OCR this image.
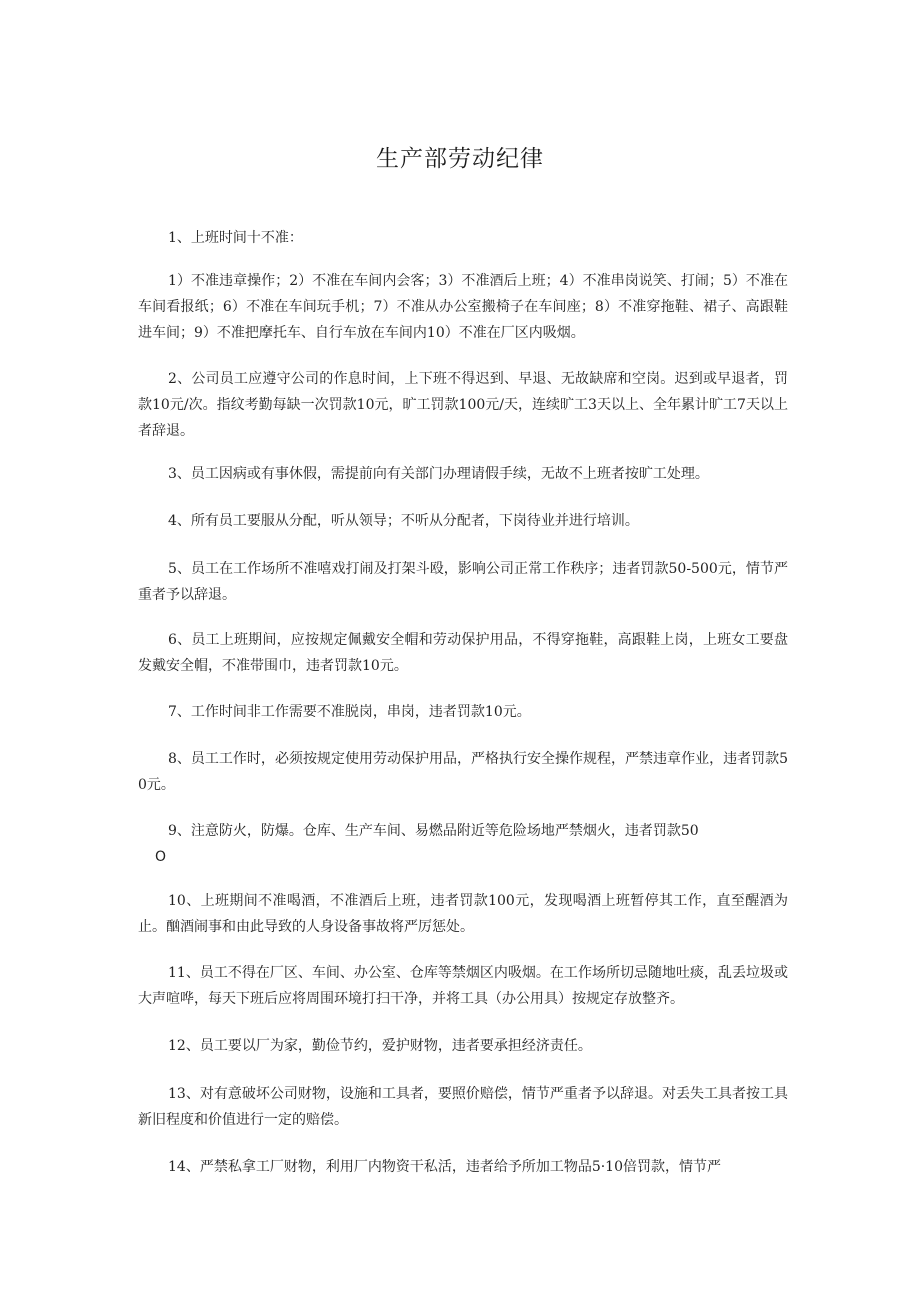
生产部劳动纪律
1、上班时间十不准：
1）不准违章操作；2）不准在车间内会客；3）不准酒后上班；4）不准串岗说笑、打闹；5）不准在车间看报纸；6）不准在车间玩手机；7）不准从办公室搬椅子在车间座；8）不准穿拖鞋、裙子、高跟鞋进车间；9）不准把摩托车、自行车放在车间内10）不准在厂区内吸烟。
2、公司员工应遵守公司的作息时间，上下班不得迟到、早退、无故缺席和空岗。迟到或早退者，罚款10元/次。指纹考勤每缺一次罚款10元，旷工罚款100元/天，连续旷工3天以上、全年累计旷工7天以上者辞退。
3、员工因病或有事休假，需提前向有关部门办理请假手续，无故不上班者按旷工处理。
4、所有员工要服从分配，听从领导；不听从分配者，下岗待业并进行培训。
5、员工在工作场所不准嘻戏打闹及打架斗殴，影响公司正常工作秩序；违者罚款50-500元，情节严重者予以辞退。
6、员工上班期间，应按规定佩戴安全帽和劳动保护用品，不得穿拖鞋，高跟鞋上岗，上班女工要盘发戴安全帽，不准带围巾，违者罚款10元。
7、工作时间非工作需要不准脱岗，串岗，违者罚款10元。
8、员工工作时，必须按规定使用劳动保护用品，严格执行安全操作规程，严禁违章作业，违者罚款50元。
9、注意防火，防爆。仓库、生产车间、易燃品附近等危险场地严禁烟火，违者罚款50
O
10、上班期间不准喝酒，不准酒后上班，违者罚款100元，发现喝酒上班暂停其工作，直至醒酒为止。酗酒闹事和由此导致的人身设备事故将严厉惩处。
11、员工不得在厂区、车间、办公室、仓库等禁烟区内吸烟。在工作场所切忌随地吐痰，乱丢垃圾或大声喧哗，每天下班后应将周围环境打扫干净，并将工具（办公用具）按规定存放整齐。
12、员工要以厂为家，勤俭节约，爱护财物，违者要承担经济责任。
13、对有意破坏公司财物，设施和工具者，要照价赔偿，情节严重者予以辞退。对丢失工具者按工具新旧程度和价值进行一定的赔偿。
14、严禁私拿工厂财物，利用厂内物资干私活，违者给予所加工物品5·10倍罚款，情节严
